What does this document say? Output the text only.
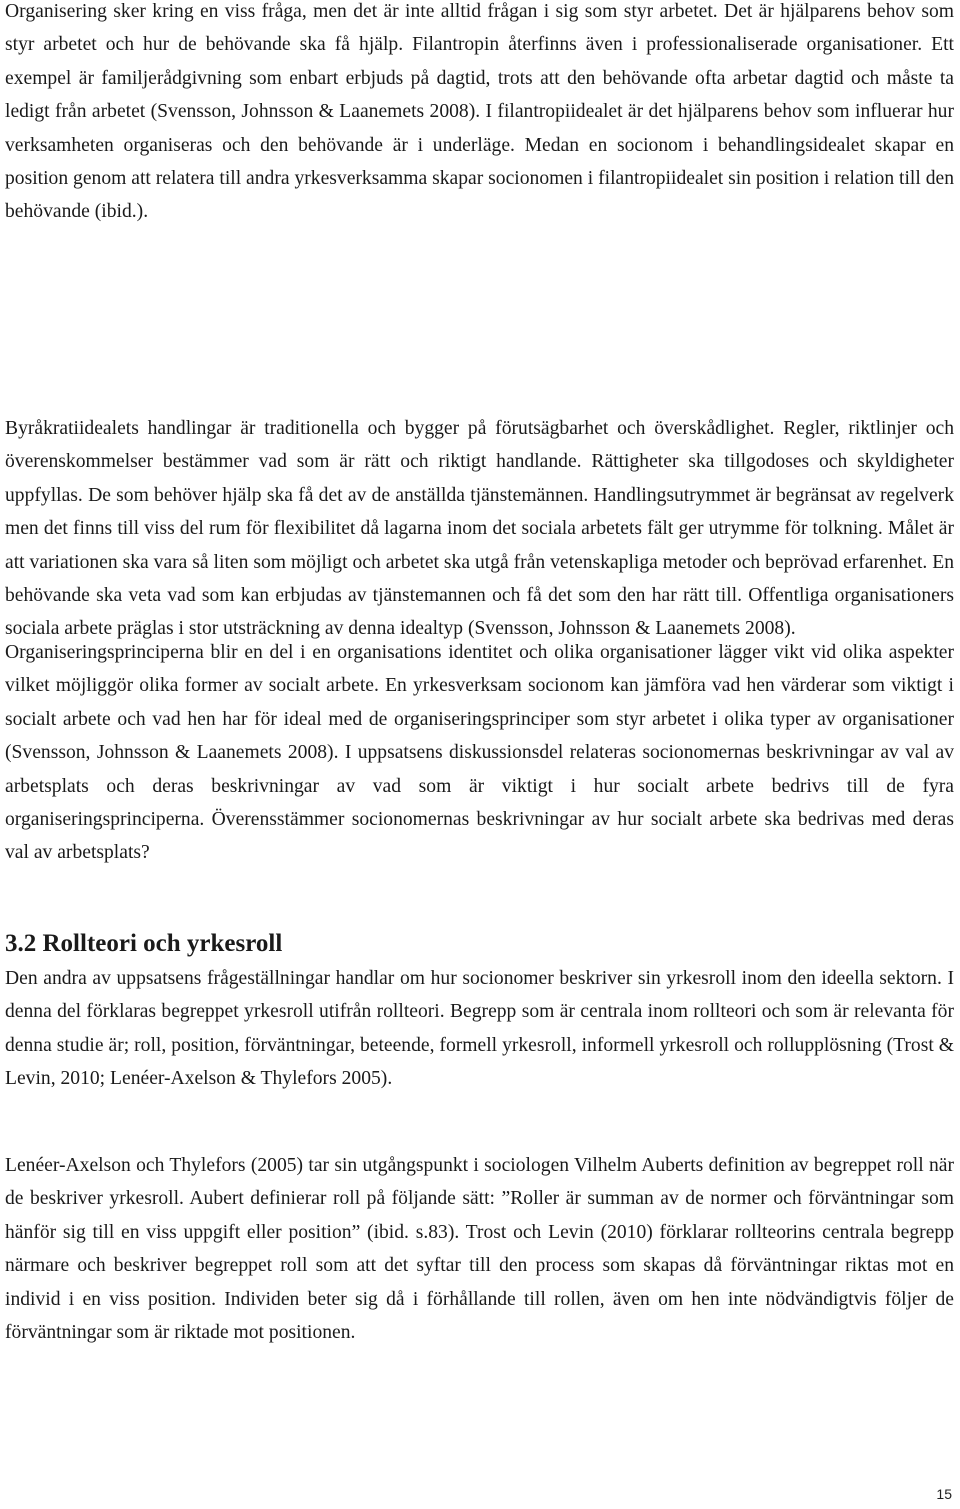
Organisering sker kring en viss fråga, men det är inte alltid frågan i sig som styr arbetet. Det är hjälparens behov som styr arbetet och hur de behövande ska få hjälp. Filantropin återfinns även i professionaliserade organisationer. Ett exempel är familjerådgivning som enbart erbjuds på dagtid, trots att den behövande ofta arbetar dagtid och måste ta ledigt från arbetet (Svensson, Johnsson & Laanemets 2008). I filantropiidealet är det hjälparens behov som influerar hur verksamheten organiseras och den behövande är i underläge. Medan en socionom i behandlingsidealet skapar en position genom att relatera till andra yrkesverksamma skapar socionomen i filantropiidealet sin position i relation till den behövande (ibid.).

Byråkratiidealets handlingar är traditionella och bygger på förutsägbarhet och överskådlighet. Regler, riktlinjer och överenskommelser bestämmer vad som är rätt och riktigt handlande. Rättigheter ska tillgodoses och skyldigheter uppfyllas. De som behöver hjälp ska få det av de anställda tjänstemännen. Handlingsutrymmet är begränsat av regelverk men det finns till viss del rum för flexibilitet då lagarna inom det sociala arbetets fält ger utrymme för tolkning. Målet är att variationen ska vara så liten som möjligt och arbetet ska utgå från vetenskapliga metoder och beprövad erfarenhet. En behövande ska veta vad som kan erbjudas av tjänstemannen och få det som den har rätt till. Offentliga organisationers sociala arbete präglas i stor utsträckning av denna idealtyp (Svensson, Johnsson & Laanemets 2008).

Organiseringsprinciperna blir en del i en organisations identitet och olika organisationer lägger vikt vid olika aspekter vilket möjliggör olika former av socialt arbete. En yrkesverksam socionom kan jämföra vad hen värderar som viktigt i socialt arbete och vad hen har för ideal med de organiseringsprinciper som styr arbetet i olika typer av organisationer (Svensson, Johnsson & Laanemets 2008). I uppsatsens diskussionsdel relateras socionomernas beskrivningar av val av arbetsplats och deras beskrivningar av vad som är viktigt i hur socialt arbete bedrivs till de fyra organiseringsprinciperna. Överensstämmer socionomernas beskrivningar av hur socialt arbete ska bedrivas med deras val av arbetsplats?

3.2 Rollteori och yrkesroll

Den andra av uppsatsens frågeställningar handlar om hur socionomer beskriver sin yrkesroll inom den ideella sektorn. I denna del förklaras begreppet yrkesroll utifrån rollteori. Begrepp som är centrala inom rollteori och som är relevanta för denna studie är; roll, position, förväntningar, beteende, formell yrkesroll, informell yrkesroll och rollupplösning (Trost & Levin, 2010; Lenéer-Axelson & Thylefors 2005).

Lenéer-Axelson och Thylefors (2005) tar sin utgångspunkt i sociologen Vilhelm Auberts definition av begreppet roll när de beskriver yrkesroll. Aubert definierar roll på följande sätt: ”Roller är summan av de normer och förväntningar som hänför sig till en viss uppgift eller position” (ibid. s.83). Trost och Levin (2010) förklarar rollteorins centrala begrepp närmare och beskriver begreppet roll som att det syftar till den process som skapas då förväntningar riktas mot en individ i en viss position. Individen beter sig då i förhållande till rollen, även om hen inte nödvändigtvis följer de förväntningar som är riktade mot positionen.

15
